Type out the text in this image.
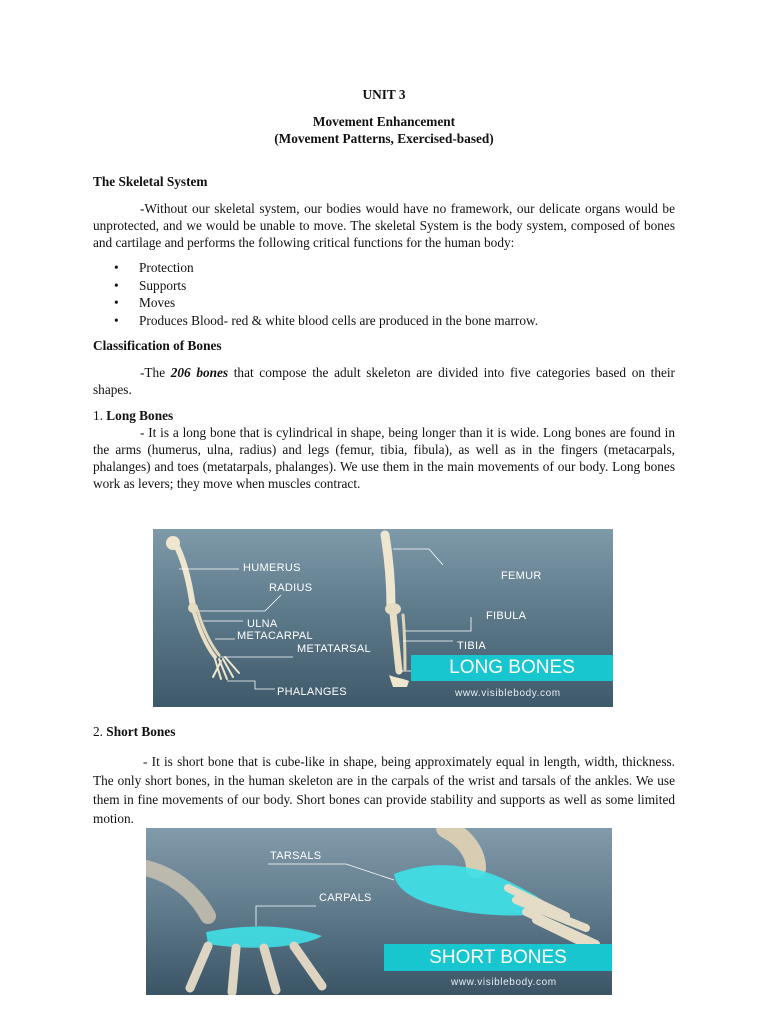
UNIT 3
Movement Enhancement
(Movement Patterns, Exercised-based)
The Skeletal System

-Without our skeletal system, our bodies would have no framework, our delicate organs would be unprotected, and we would be unable to move. The skeletal System is the body system, composed of bones and cartilage and performs the following critical functions for the human body:

• Protection
• Supports
• Moves
• Produces Blood- red & white blood cells are produced in the bone marrow.
Classification of Bones

-The 206 bones that compose the adult skeleton are divided into five categories based on their shapes.

1. Long Bones

- It is a long bone that is cylindrical in shape, being longer than it is wide. Long bones are found in the arms (humerus, ulna, radius) and legs (femur, tibia, fibula), as well as in the fingers (metacarpals, phalanges) and toes (metatarpals, phalanges). We use them in the main movements of our body. Long bones work as levers; they move when muscles contract.

HUMERUS
RADIUS
ULNA
METACARPAL
METATARSAL
PHALANGES
FEMUR
FIBULA
TIBIA
LONG BONES
www.visiblebody.com
2. Short Bones

- It is short bone that is cube-like in shape, being approximately equal in length, width, thickness. The only short bones, in the human skeleton are in the carpals of the wrist and tarsals of the ankles. We use them in fine movements of our body. Short bones can provide stability and supports as well as some limited motion.

TARSALS
CARPALS
SHORT BONES
www.visiblebody.com
